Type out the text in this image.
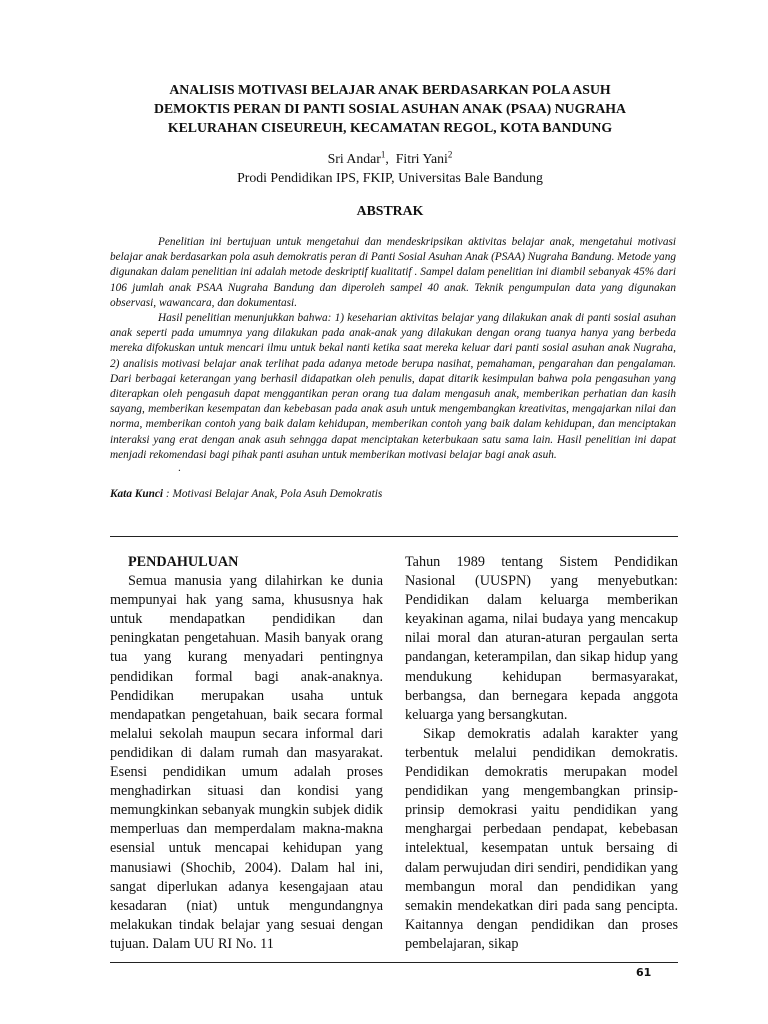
ANALISIS MOTIVASI BELAJAR ANAK BERDASARKAN POLA ASUH
DEMOKTIS PERAN DI PANTI SOSIAL ASUHAN ANAK (PSAA) NUGRAHA
KELURAHAN CISEUREUH, KECAMATAN REGOL, KOTA BANDUNG
Sri Andar$^1$, Fitri Yani$^2$
Prodi Pendidikan IPS, FKIP, Universitas Bale Bandung
ABSTRAK

Penelitian ini bertujuan untuk mengetahui dan mendeskripsikan aktivitas belajar anak, mengetahui motivasi belajar anak berdasarkan pola asuh demokratis peran di Panti Sosial Asuhan Anak (PSAA) Nugraha Bandung. Metode yang digunakan dalam penelitian ini adalah metode deskriptif kualitatif . Sampel dalam penelitian ini diambil sebanyak 45% dari 106 jumlah anak PSAA Nugraha Bandung dan diperoleh sampel 40 anak. Teknik pengumpulan data yang digunakan observasi, wawancara, dan dokumentasi.

Hasil penelitian menunjukkan bahwa: 1) keseharian aktivitas belajar yang dilakukan anak di panti sosial asuhan anak seperti pada umumnya yang dilakukan pada anak-anak yang dilakukan dengan orang tuanya hanya yang berbeda mereka difokuskan untuk mencari ilmu untuk bekal nanti ketika saat mereka keluar dari panti sosial asuhan anak Nugraha, 2) analisis motivasi belajar anak terlihat pada adanya metode berupa nasihat, pemahaman, pengarahan dan pengalaman. Dari berbagai keterangan yang berhasil didapatkan oleh penulis, dapat ditarik kesimpulan bahwa pola pengasuhan yang diterapkan oleh pengasuh dapat menggantikan peran orang tua dalam mengasuh anak, memberikan perhatian dan kasih sayang, memberikan kesempatan dan kebebasan pada anak asuh untuk mengembangkan kreativitas, mengajarkan nilai dan norma, memberikan contoh yang baik dalam kehidupan, memberikan contoh yang baik dalam kehidupan, dan menciptakan interaksi yang erat dengan anak asuh sehngga dapat menciptakan keterbukaan satu sama lain. Hasil penelitian ini dapat menjadi rekomendasi bagi pihak panti asuhan untuk memberikan motivasi belajar bagi anak asuh.

.

Kata Kunci : Motivasi Belajar Anak, Pola Asuh Demokratis

PENDAHULUAN

Semua manusia yang dilahirkan ke dunia mempunyai hak yang sama, khususnya hak untuk mendapatkan pendidikan dan peningkatan pengetahuan. Masih banyak orang tua yang kurang menyadari pentingnya pendidikan formal bagi anak-anaknya. Pendidikan merupakan usaha untuk mendapatkan pengetahuan, baik secara formal melalui sekolah maupun secara informal dari pendidikan di dalam rumah dan masyarakat. Esensi pendidikan umum adalah proses menghadirkan situasi dan kondisi yang memungkinkan sebanyak mungkin subjek didik memperluas dan memperdalam makna-makna esensial untuk mencapai kehidupan yang manusiawi (Shochib, 2004). Dalam hal ini, sangat diperlukan adanya kesengajaan atau kesadaran (niat) untuk mengundangnya melakukan tindak belajar yang sesuai dengan tujuan. Dalam UU RI No. 11

Tahun 1989 tentang Sistem Pendidikan Nasional (UUSPN) yang menyebutkan: Pendidikan dalam keluarga memberikan keyakinan agama, nilai budaya yang mencakup nilai moral dan aturan-aturan pergaulan serta pandangan, keterampilan, dan sikap hidup yang mendukung kehidupan bermasyarakat, berbangsa, dan bernegara kepada anggota keluarga yang bersangkutan.

Sikap demokratis adalah karakter yang terbentuk melalui pendidikan demokratis. Pendidikan demokratis merupakan model pendidikan yang mengembangkan prinsip-prinsip demokrasi yaitu pendidikan yang menghargai perbedaan pendapat, kebebasan intelektual, kesempatan untuk bersaing di dalam perwujudan diri sendiri, pendidikan yang membangun moral dan pendidikan yang semakin mendekatkan diri pada sang pencipta. Kaitannya dengan pendidikan dan proses pembelajaran, sikap

61
